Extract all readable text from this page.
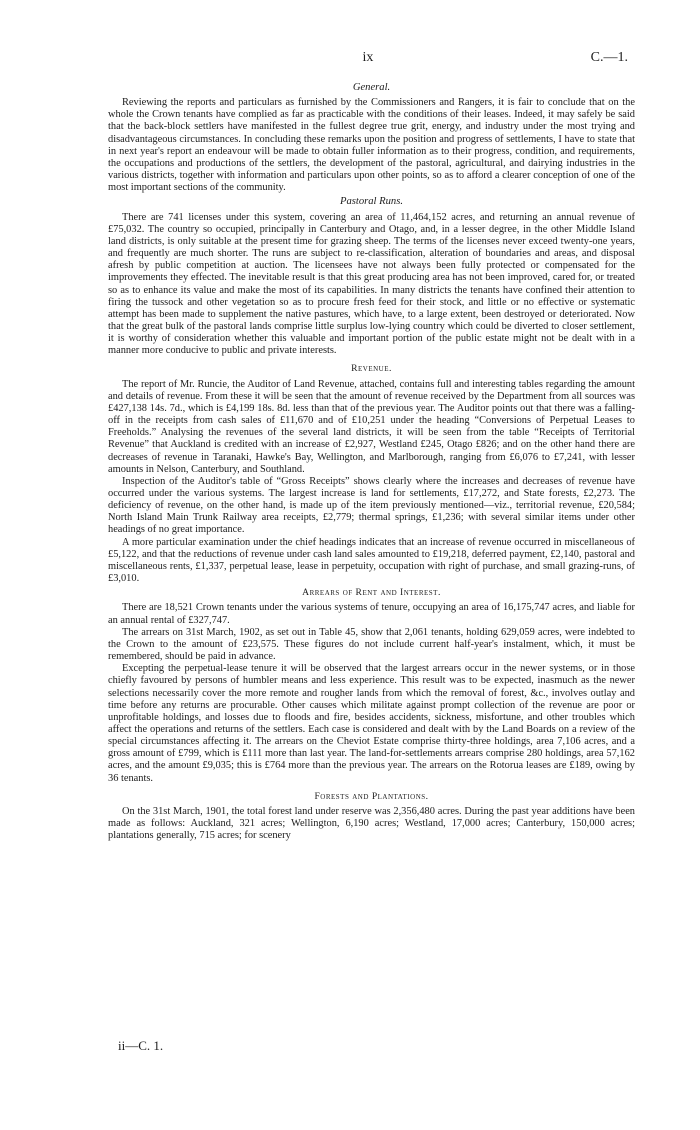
ix	C.—1.
General.

Reviewing the reports and particulars as furnished by the Commissioners and Rangers, it is fair to conclude that on the whole the Crown tenants have complied as far as practicable with the conditions of their leases. Indeed, it may safely be said that the back-block settlers have manifested in the fullest degree true grit, energy, and industry under the most trying and disadvantageous circumstances. In concluding these remarks upon the position and progress of settlements, I have to state that in next year's report an endeavour will be made to obtain fuller information as to their progress, condition, and requirements, the occupations and productions of the settlers, the development of the pastoral, agricultural, and dairying industries in the various districts, together with information and particulars upon other points, so as to afford a clearer conception of one of the most important sections of the community.

Pastoral Runs.

There are 741 licenses under this system, covering an area of 11,464,152 acres, and returning an annual revenue of £75,032. The country so occupied, principally in Canterbury and Otago, and, in a lesser degree, in the other Middle Island land districts, is only suitable at the present time for grazing sheep. The terms of the licenses never exceed twenty-one years, and frequently are much shorter. The runs are subject to re-classification, alteration of boundaries and areas, and disposal afresh by public competition at auction. The licensees have not always been fully protected or compensated for the improvements they effected. The inevitable result is that this great producing area has not been improved, cared for, or treated so as to enhance its value and make the most of its capabilities. In many districts the tenants have confined their attention to firing the tussock and other vegetation so as to procure fresh feed for their stock, and little or no effective or systematic attempt has been made to supplement the native pastures, which have, to a large extent, been destroyed or deteriorated. Now that the great bulk of the pastoral lands comprise little surplus low-lying country which could be diverted to closer settlement, it is worthy of consideration whether this valuable and important portion of the public estate might not be dealt with in a manner more conducive to public and private interests.

Revenue.

The report of Mr. Runcie, the Auditor of Land Revenue, attached, contains full and interesting tables regarding the amount and details of revenue. From these it will be seen that the amount of revenue received by the Department from all sources was £427,138 14s. 7d., which is £4,199 18s. 8d. less than that of the previous year. The Auditor points out that there was a falling-off in the receipts from cash sales of £11,670 and of £10,251 under the heading “Conversions of Perpetual Leases to Freeholds.” Analysing the revenues of the several land districts, it will be seen from the table “Receipts of Territorial Revenue” that Auckland is credited with an increase of £2,927, Westland £245, Otago £826; and on the other hand there are decreases of revenue in Taranaki, Hawke's Bay, Wellington, and Marlborough, ranging from £6,076 to £7,241, with lesser amounts in Nelson, Canterbury, and Southland.

Inspection of the Auditor's table of “Gross Receipts” shows clearly where the increases and decreases of revenue have occurred under the various systems. The largest increase is land for settlements, £17,272, and State forests, £2,273. The deficiency of revenue, on the other hand, is made up of the item previously mentioned—viz., territorial revenue, £20,584; North Island Main Trunk Railway area receipts, £2,779; thermal springs, £1,236; with several similar items under other headings of no great importance.

A more particular examination under the chief headings indicates that an increase of revenue occurred in miscellaneous of £5,122, and that the reductions of revenue under cash land sales amounted to £19,218, deferred payment, £2,140, pastoral and miscellaneous rents, £1,337, perpetual lease, lease in perpetuity, occupation with right of purchase, and small grazing-runs, of £3,010.

Arrears of Rent and Interest.

There are 18,521 Crown tenants under the various systems of tenure, occupying an area of 16,175,747 acres, and liable for an annual rental of £327,747.

The arrears on 31st March, 1902, as set out in Table 45, show that 2,061 tenants, holding 629,059 acres, were indebted to the Crown to the amount of £23,575. These figures do not include current half-year's instalment, which, it must be remembered, should be paid in advance.

Excepting the perpetual-lease tenure it will be observed that the largest arrears occur in the newer systems, or in those chiefly favoured by persons of humbler means and less experience. This result was to be expected, inasmuch as the newer selections necessarily cover the more remote and rougher lands from which the removal of forest, &c., involves outlay and time before any returns are procurable. Other causes which militate against prompt collection of the revenue are poor or unprofitable holdings, and losses due to floods and fire, besides accidents, sickness, misfortune, and other troubles which affect the operations and returns of the settlers. Each case is considered and dealt with by the Land Boards on a review of the special circumstances affecting it. The arrears on the Cheviot Estate comprise thirty-three holdings, area 7,106 acres, and a gross amount of £799, which is £111 more than last year. The land-for-settlements arrears comprise 280 holdings, area 57,162 acres, and the amount £9,035; this is £764 more than the previous year. The arrears on the Rotorua leases are £189, owing by 36 tenants.

Forests and Plantations.

On the 31st March, 1901, the total forest land under reserve was 2,356,480 acres. During the past year additions have been made as follows: Auckland, 321 acres; Wellington, 6,190 acres; Westland, 17,000 acres; Canterbury, 150,000 acres; plantations generally, 715 acres; for scenery

ii—C. 1.
